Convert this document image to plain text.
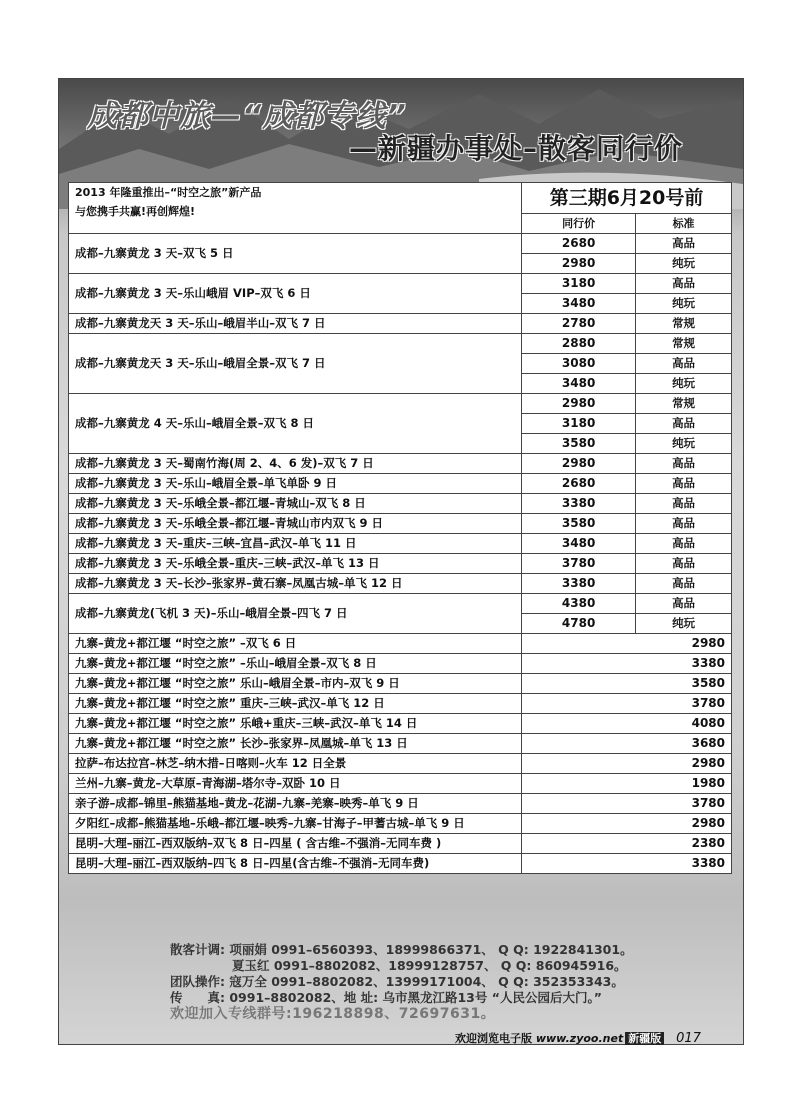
成都中旅—“成都专线”
—新疆办事处–散客同行价
2013 年隆重推出–“时空之旅”新产品
与您携手共赢!再创辉煌!	第三期6月20号前	
	同行价	标准
成都–九寨黄龙 3 天–双飞 5 日	2680	高品
	2980	纯玩
成都–九寨黄龙 3 天–乐山峨眉 VIP–双飞 6 日	3180	高品
	3480	纯玩
成都–九寨黄龙天 3 天–乐山–峨眉半山–双飞 7 日	2780	常规
成都–九寨黄龙天 3 天–乐山–峨眉全景–双飞 7 日	2880	常规
	3080	高品
	3480	纯玩
成都–九寨黄龙 4 天–乐山–峨眉全景–双飞 8 日	2980	常规
	3180	高品
	3580	纯玩
成都–九寨黄龙 3 天–蜀南竹海(周 2、4、6 发)–双飞 7 日	2980	高品
成都–九寨黄龙 3 天–乐山–峨眉全景–单飞单卧 9 日	2680	高品
成都–九寨黄龙 3 天–乐峨全景–都江堰–青城山–双飞 8 日	3380	高品
成都–九寨黄龙 3 天–乐峨全景–都江堰–青城山市内双飞 9 日	3580	高品
成都–九寨黄龙 3 天–重庆–三峡–宜昌–武汉–单飞 11 日	3480	高品
成都–九寨黄龙 3 天–乐峨全景–重庆–三峡–武汉–单飞 13 日	3780	高品
成都–九寨黄龙 3 天–长沙–张家界–黄石寨–凤凰古城–单飞 12 日	3380	高品
成都–九寨黄龙(飞机 3 天)–乐山–峨眉全景–四飞 7 日	4380	高品
	4780	纯玩
九寨–黄龙+都江堰 “时空之旅” –双飞 6 日	2980	
九寨–黄龙+都江堰 “时空之旅” –乐山–峨眉全景–双飞 8 日	3380	
九寨–黄龙+都江堰 “时空之旅” 乐山–峨眉全景–市内–双飞 9 日	3580	
九寨–黄龙+都江堰 “时空之旅” 重庆–三峡–武汉–单飞 12 日	3780	
九寨–黄龙+都江堰 “时空之旅” 乐峨+重庆–三峡–武汉–单飞 14 日	4080	
九寨–黄龙+都江堰 “时空之旅” 长沙–张家界–凤凰城–单飞 13 日	3680	
拉萨–布达拉宫–林芝–纳木措–日喀则–火车 12 日全景	2980	
兰州–九寨–黄龙–大草原–青海湖–塔尔寺–双卧 10 日	1980	
亲子游–成都–锦里–熊猫基地–黄龙–花湖–九寨–羌寨–映秀–单飞 9 日	3780	
夕阳红–成都–熊猫基地–乐峨–都江堰–映秀–九寨–甘海子–甲蓍古城–单飞 9 日	2980	
昆明–大理–丽江–西双版纳–双飞 8 日–四星 ( 含古维–不强消–无同车费 )	2380	
昆明–大理–丽江–西双版纳–四飞 8 日–四星(含古维–不强消–无同车费)	3380	
散客计调: 项丽娟 0991–6560393、18999866371、 Q Q: 1922841301。
夏玉红 0991–8802082、18999128757、 Q Q: 860945916。
团队操作: 寇万全 0991–8802082、13999171004、 Q Q: 352353343。
传　　真: 0991–8802082、地 址: 乌市黑龙江路13号 “人民公园后大门。”
欢迎加入专线群号:196218898、72697631。
欢迎浏览电子版 www.zyoo.net 新疆版 017
